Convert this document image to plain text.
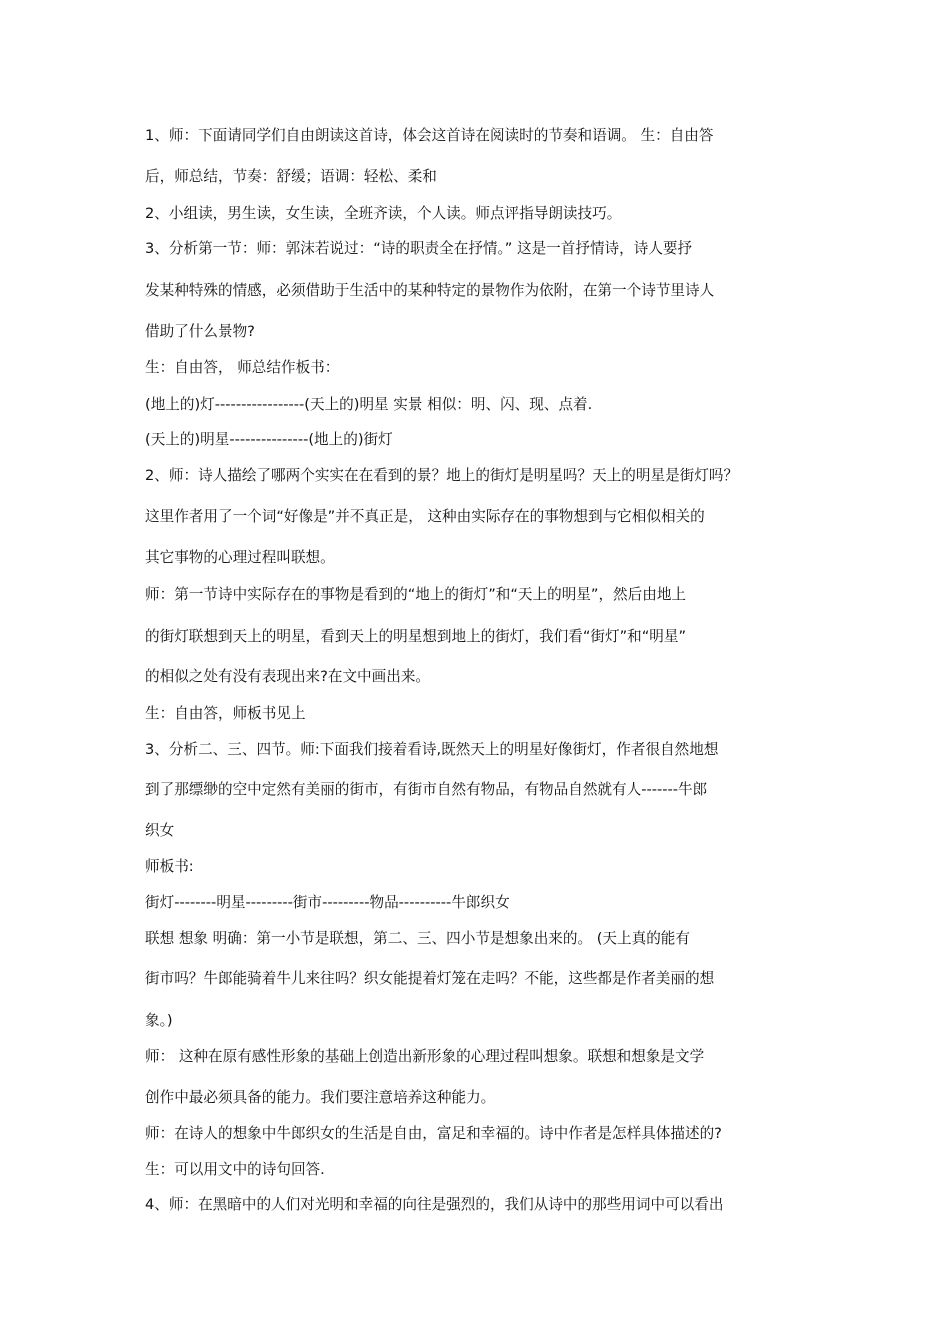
1、师：下面请同学们自由朗读这首诗，体会这首诗在阅读时的节奏和语调。 生：自由答

后，师总结，节奏：舒缓；语调：轻松、柔和

2、小组读，男生读，女生读，全班齐读，个人读。师点评指导朗读技巧。

3、分析第一节：师：郭沫若说过：“诗的职责全在抒情。” 这是一首抒情诗，诗人要抒

发某种特殊的情感，必须借助于生活中的某种特定的景物作为依附，在第一个诗节里诗人

借助了什么景物?

生：自由答， 师总结作板书：

(地上的)灯-----------------(天上的)明星 实景 相似：明、闪、现、点着.

(天上的)明星---------------(地上的)街灯

2、师：诗人描绘了哪两个实实在在看到的景？地上的街灯是明星吗？天上的明星是街灯吗？

这里作者用了一个词“好像是”并不真正是， 这种由实际存在的事物想到与它相似相关的

其它事物的心理过程叫联想。

师：第一节诗中实际存在的事物是看到的“地上的街灯”和“天上的明星”，然后由地上

的街灯联想到天上的明星，看到天上的明星想到地上的街灯，我们看“街灯”和“明星”

的相似之处有没有表现出来?在文中画出来。

生：自由答，师板书见上

3、分析二、三、四节。师:下面我们接着看诗,既然天上的明星好像街灯，作者很自然地想

到了那缥缈的空中定然有美丽的街市，有街市自然有物品，有物品自然就有人-------牛郎

织女

师板书:

街灯--------明星---------街市---------物品----------牛郎织女

联想 想象 明确：第一小节是联想，第二、三、四小节是想象出来的。 (天上真的能有

街市吗？牛郎能骑着牛儿来往吗？织女能提着灯笼在走吗？不能，这些都是作者美丽的想

象。)

师： 这种在原有感性形象的基础上创造出新形象的心理过程叫想象。联想和想象是文学

创作中最必须具备的能力。我们要注意培养这种能力。

师：在诗人的想象中牛郎织女的生活是自由，富足和幸福的。诗中作者是怎样具体描述的?

生：可以用文中的诗句回答.

4、师：在黑暗中的人们对光明和幸福的向往是强烈的，我们从诗中的那些用词中可以看出
